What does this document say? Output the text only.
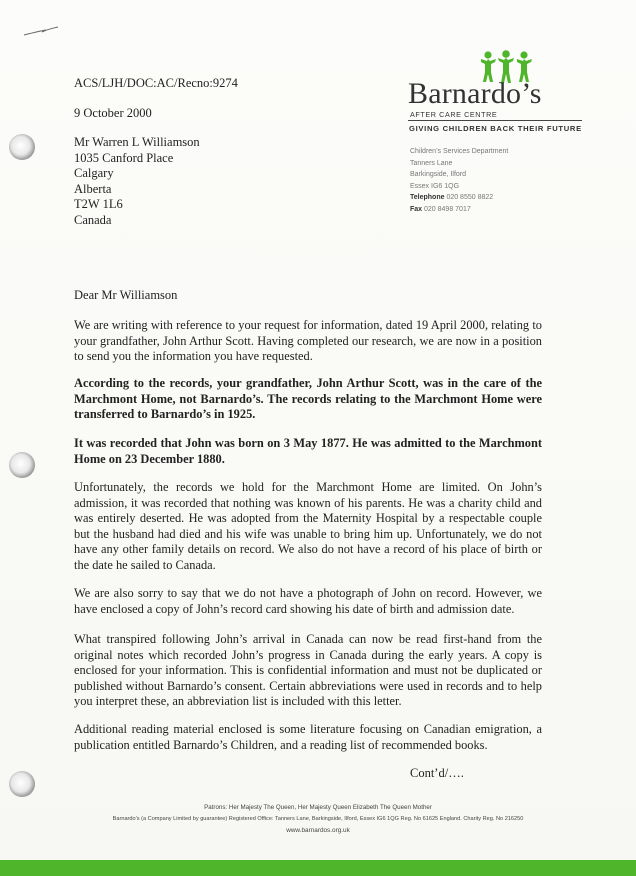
Barnardo’s
AFTER CARE CENTRE
GIVING CHILDREN BACK THEIR FUTURE
Children’s Services Department
Tanners Lane
Barkingside, Ilford
Essex IG6 1QG
Telephone 020 8550 8822
Fax 020 8498 7017
ACS/LJH/DOC:AC/Recno:9274
9 October 2000
Mr Warren L Williamson
1035 Canford Place
Calgary
Alberta
T2W 1L6
Canada
Dear Mr Williamson
We are writing with reference to your request for information, dated 19 April 2000, relating to your grandfather, John Arthur Scott. Having completed our research, we are now in a position to send you the information you have requested.
According to the records, your grandfather, John Arthur Scott, was in the care of the Marchmont Home, not Barnardo’s. The records relating to the Marchmont Home were transferred to Barnardo’s in 1925.
It was recorded that John was born on 3 May 1877. He was admitted to the Marchmont Home on 23 December 1880.
Unfortunately, the records we hold for the Marchmont Home are limited. On John’s admission, it was recorded that nothing was known of his parents. He was a charity child and was entirely deserted. He was adopted from the Maternity Hospital by a respectable couple but the husband had died and his wife was unable to bring him up. Unfortunately, we do not have any other family details on record. We also do not have a record of his place of birth or the date he sailed to Canada.
We are also sorry to say that we do not have a photograph of John on record. However, we have enclosed a copy of John’s record card showing his date of birth and admission date.
What transpired following John’s arrival in Canada can now be read first-hand from the original notes which recorded John’s progress in Canada during the early years. A copy is enclosed for your information. This is confidential information and must not be duplicated or published without Barnardo’s consent. Certain abbreviations were used in records and to help you interpret these, an abbreviation list is included with this letter.
Additional reading material enclosed is some literature focusing on Canadian emigration, a publication entitled Barnardo’s Children, and a reading list of recommended books.
Cont’d/….
Patrons: Her Majesty The Queen, Her Majesty Queen Elizabeth The Queen Mother
Barnardo’s (a Company Limited by guarantee) Registered Office: Tanners Lane, Barkingside, Ilford, Essex IG6 1QG Reg. No 61625 England. Charity Reg. No 216250
www.barnardos.org.uk
